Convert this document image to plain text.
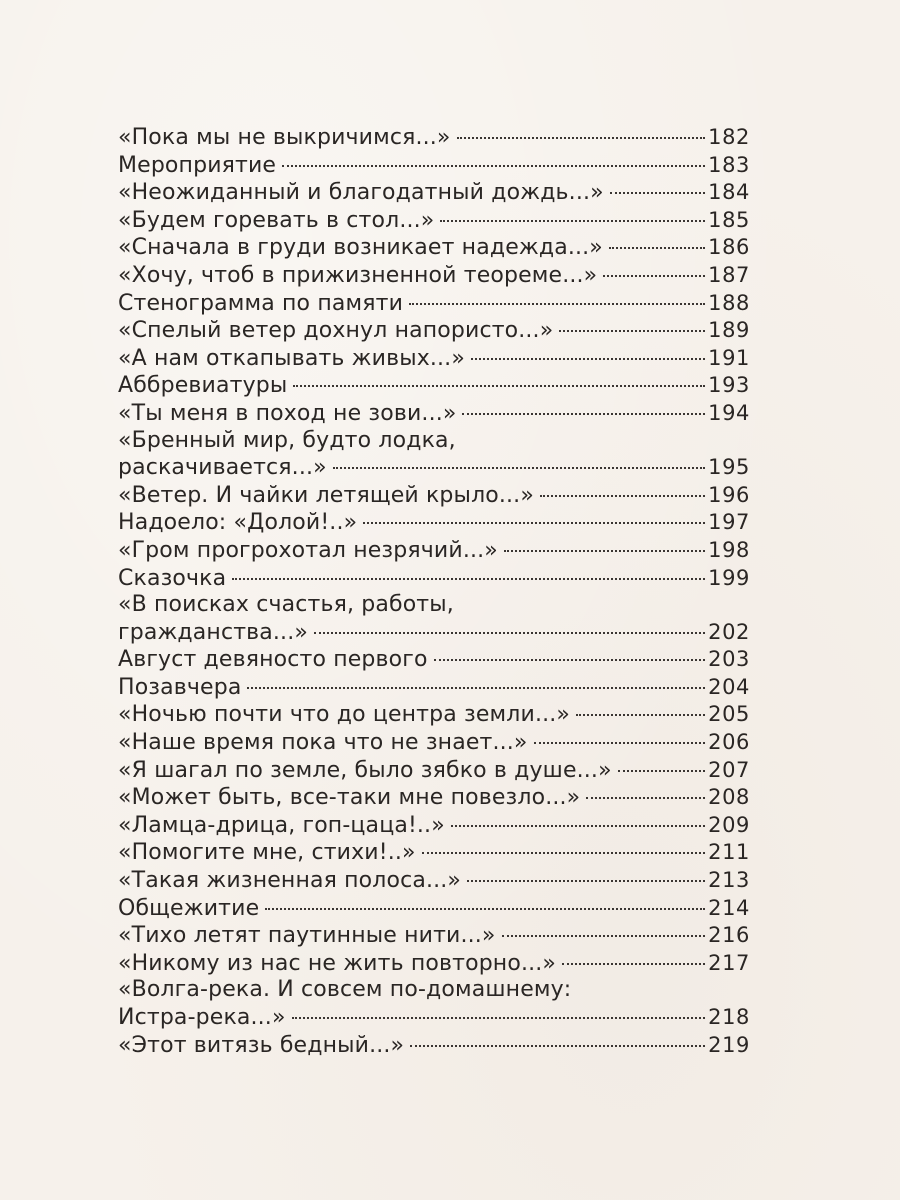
«Пока мы не выкричимся...»	182
Мероприятие	183
«Неожиданный и благодатный дождь...»	184
«Будем горевать в стол...»	185
«Сначала в груди возникает надежда...»	186
«Хочу, чтоб в прижизненной теореме...»	187
Стенограмма по памяти	188
«Спелый ветер дохнул напористо...»	189
«А нам откапывать живых...»	191
Аббревиатуры	193
«Ты меня в поход не зови...»	194
«Бренный мир, будто лодка,
раскачивается...»	195
«Ветер. И чайки летящей крыло...»	196
Надоело: «Долой!..»	197
«Гром прогрохотал незрячий...»	198
Сказочка	199
«В поисках счастья, работы,
гражданства...»	202
Август девяносто первого	203
Позавчера	204
«Ночью почти что до центра земли...»	205
«Наше время пока что не знает...»	206
«Я шагал по земле, было зябко в душе...»	207
«Может быть, все-таки мне повезло...»	208
«Ламца-дрица, гоп-цаца!..»	209
«Помогите мне, стихи!..»	211
«Такая жизненная полоса...»	213
Общежитие	214
«Тихо летят паутинные нити...»	216
«Никому из нас не жить повторно...»	217
«Волга-река. И совсем по-домашнему:
Истра-река...»	218
«Этот витязь бедный...»	219
